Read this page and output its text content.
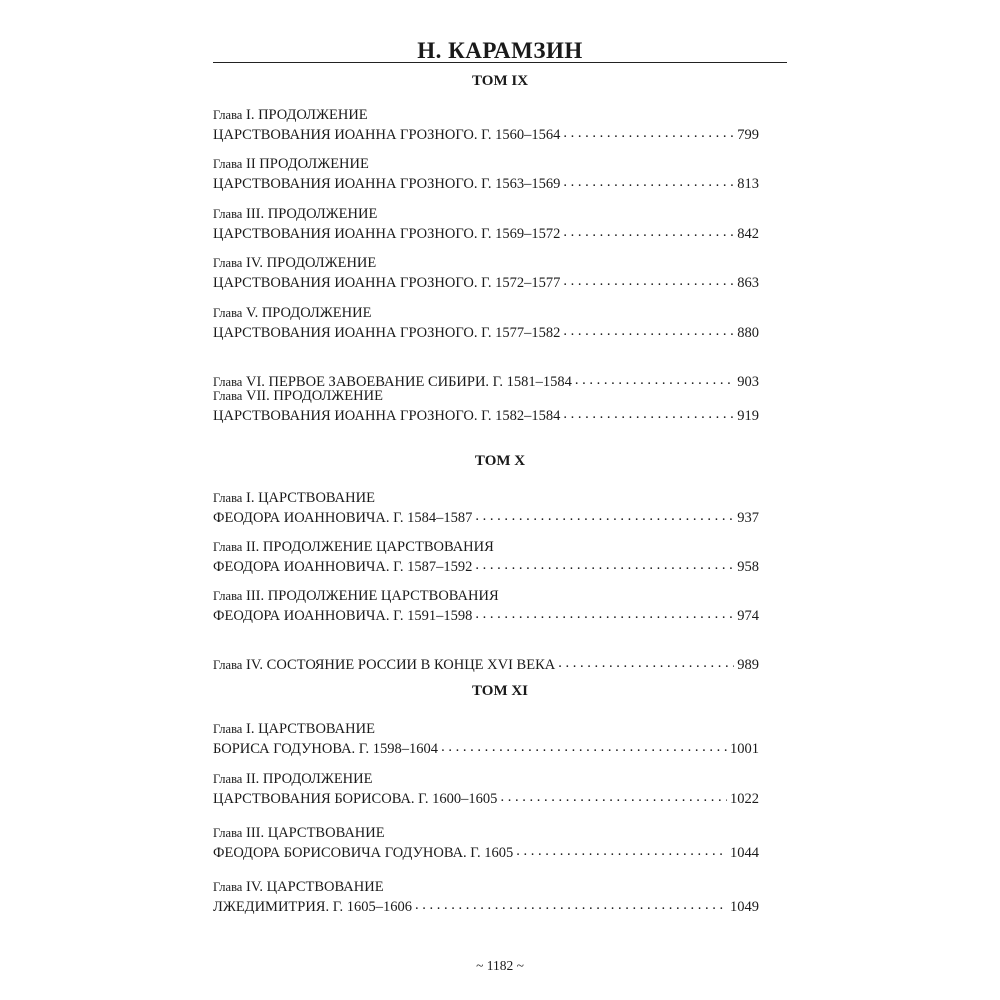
Н. КАРАМЗИН
ТОМ IX
Глава I. ПРОДОЛЖЕНИЕ
ЦАРСТВОВАНИЯ ИОАННА ГРОЗНОГО. Г. 1560–1564 . . .	799
Глава II ПРОДОЛЖЕНИЕ
ЦАРСТВОВАНИЯ ИОАННА ГРОЗНОГО. Г. 1563–1569 . . .	813
Глава III. ПРОДОЛЖЕНИЕ
ЦАРСТВОВАНИЯ ИОАННА ГРОЗНОГО. Г. 1569–1572 . . .	842
Глава IV. ПРОДОЛЖЕНИЕ
ЦАРСТВОВАНИЯ ИОАННА ГРОЗНОГО. Г. 1572–1577 . . .	863
Глава V. ПРОДОЛЖЕНИЕ
ЦАРСТВОВАНИЯ ИОАННА ГРОЗНОГО. Г. 1577–1582 . . .	880
Глава
VI. ПЕРВОЕ ЗАВОЕВАНИЕ СИБИРИ. Г. 1581–1584 . . .	903
Глава VII. ПРОДОЛЖЕНИЕ
ЦАРСТВОВАНИЯ ИОАННА ГРОЗНОГО. Г. 1582–1584 . . .	919
ТОМ X
Глава I. ЦАРСТВОВАНИЕ
ФЕОДОРА ИОАННОВИЧА. Г. 1584–1587 . . .	937
Глава II. ПРОДОЛЖЕНИЕ ЦАРСТВОВАНИЯ
ФЕОДОРА ИОАННОВИЧА. Г. 1587–1592 . . .	958
Глава III. ПРОДОЛЖЕНИЕ ЦАРСТВОВАНИЯ
ФЕОДОРА ИОАННОВИЧА. Г. 1591–1598 . . .	974
Глава
IV. СОСТОЯНИЕ РОССИИ В КОНЦЕ XVI ВЕКА . . .	989
ТОМ XI
Глава I. ЦАРСТВОВАНИЕ
БОРИСА ГОДУНОВА. Г. 1598–1604 . . .	1001
Глава II. ПРОДОЛЖЕНИЕ
ЦАРСТВОВАНИЯ БОРИСОВА. Г. 1600–1605 . . .	1022
Глава III. ЦАРСТВОВАНИЕ
ФЕОДОРА БОРИСОВИЧА ГОДУНОВА. Г. 1605 . . .	1044
Глава IV. ЦАРСТВОВАНИЕ
ЛЖЕДИМИТРИЯ. Г. 1605–1606 . . .	1049
~ 1182 ~
